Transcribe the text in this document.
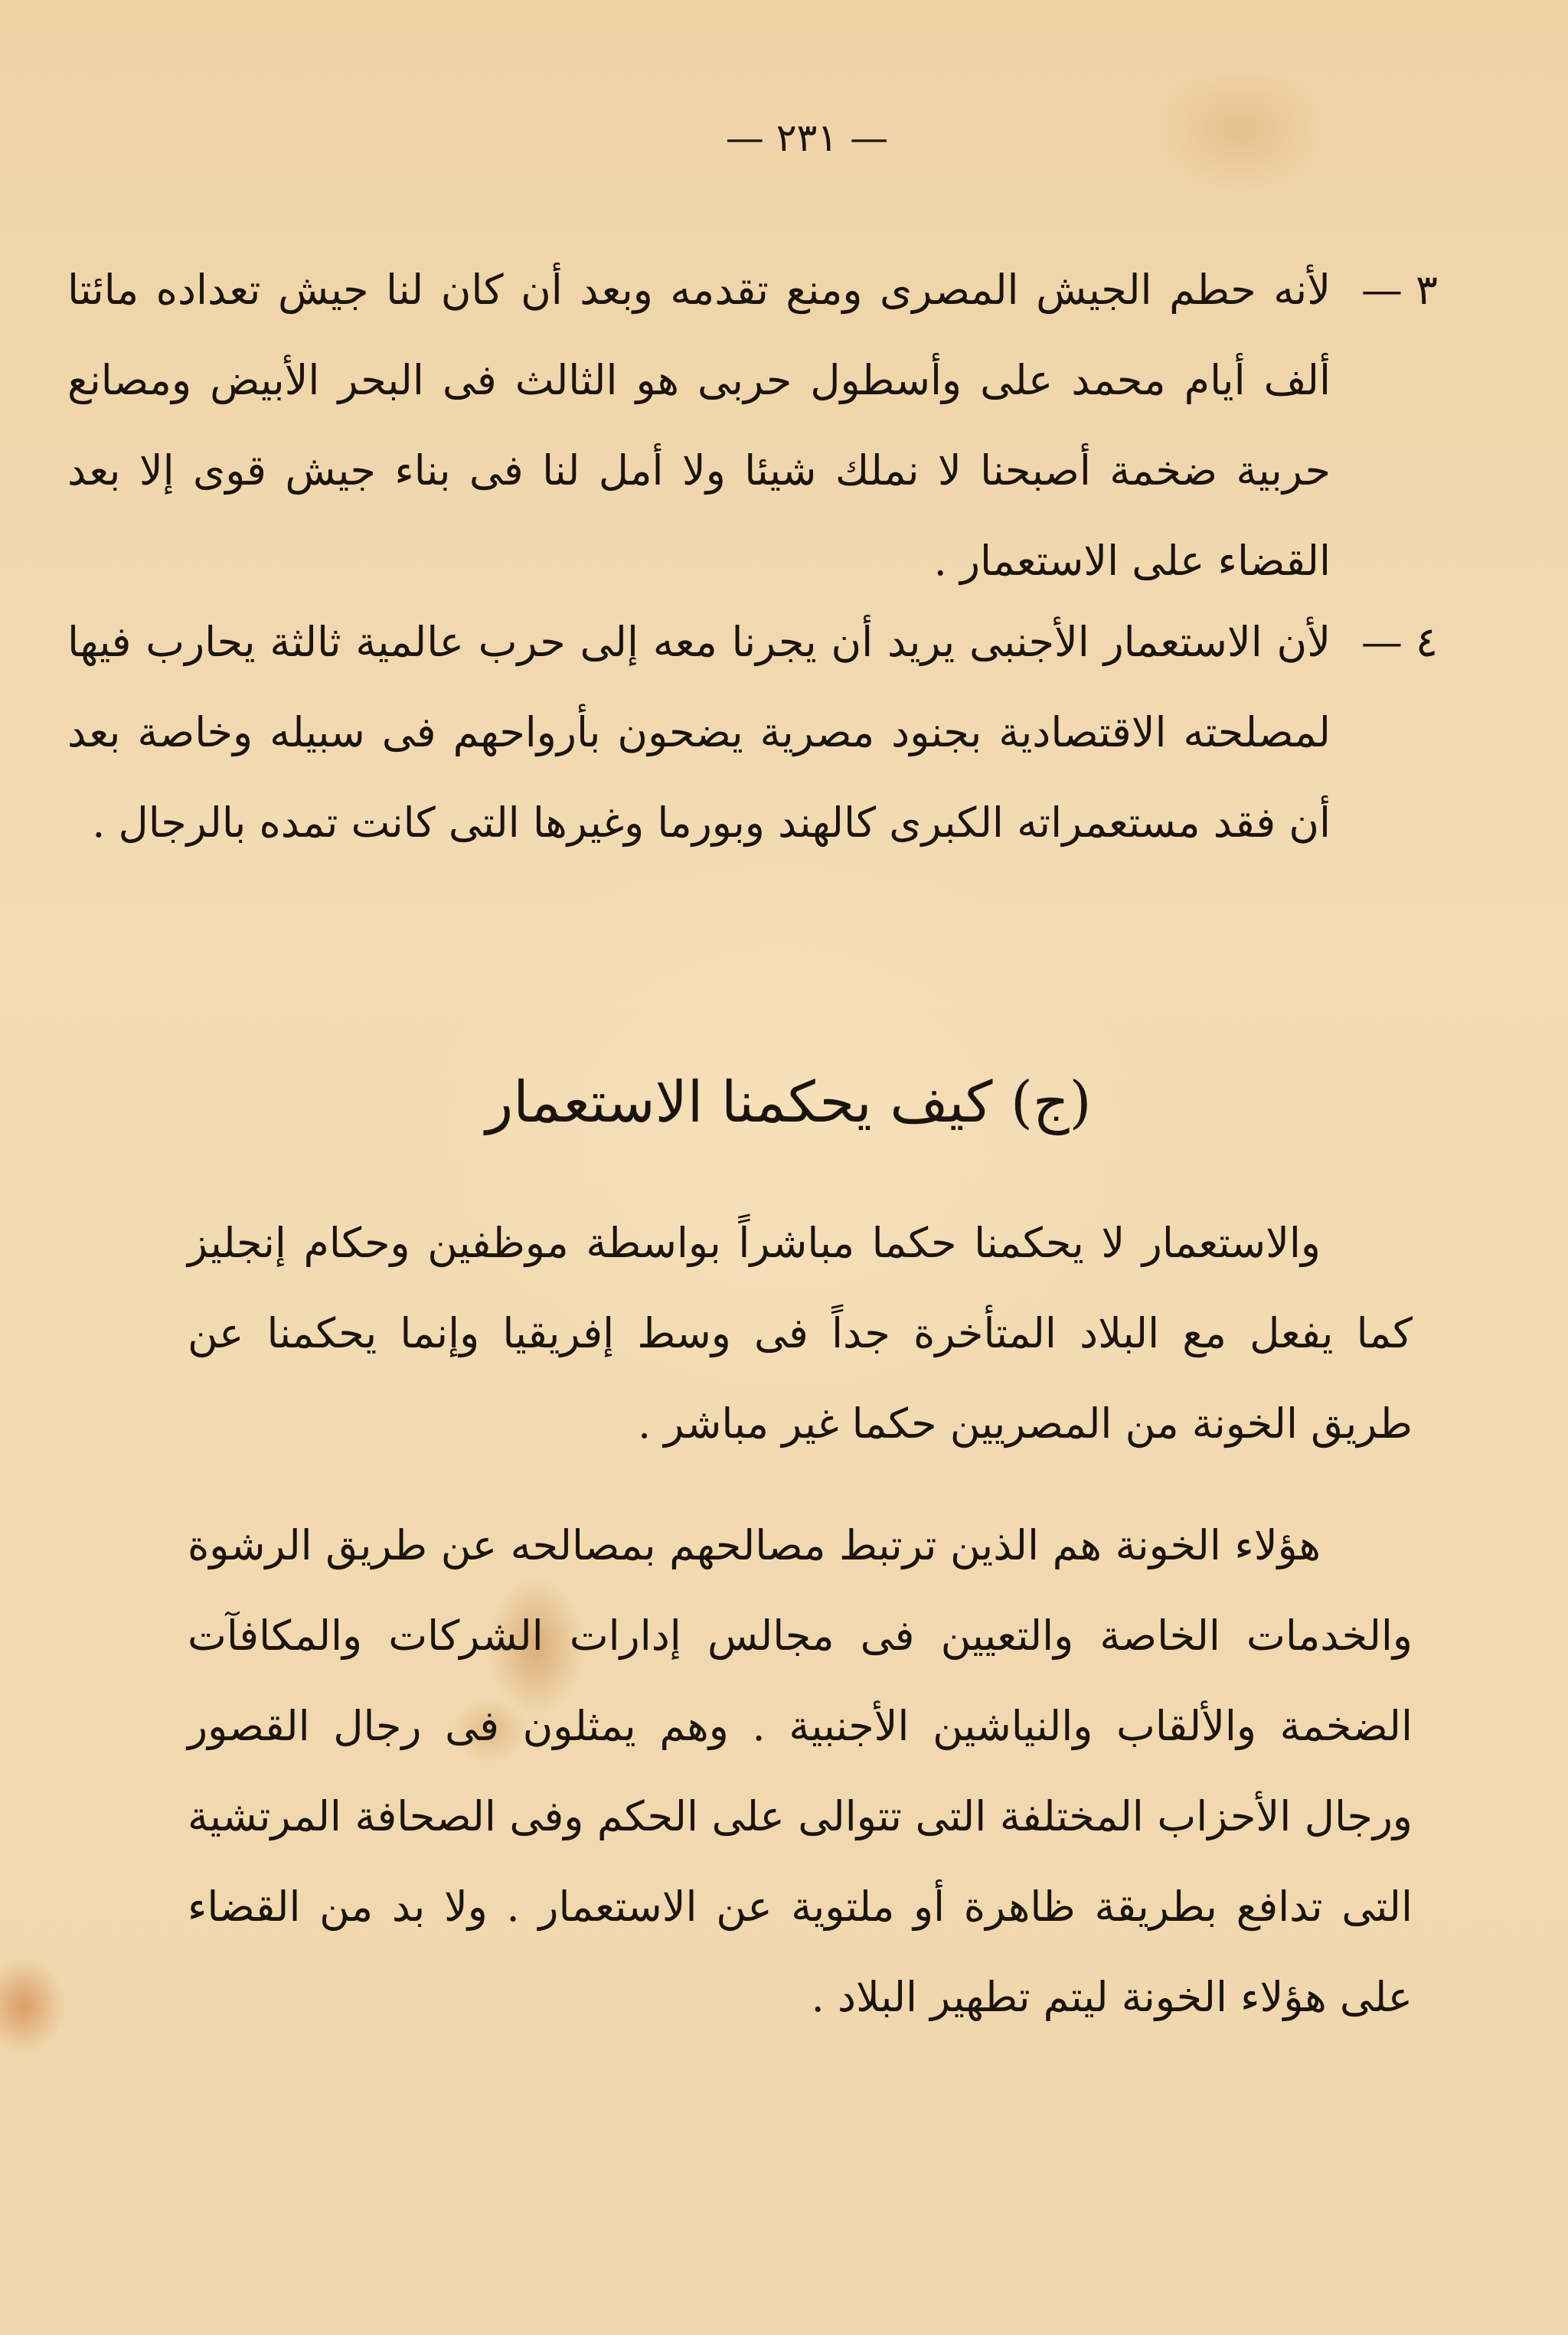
— ٢٣١ —
٣ —
لأنه حطم الجيش المصرى ومنع تقدمه وبعد أن كان لنا جيش تعداده مائتا ألف أيام محمد على وأسطول حربى هو الثالث فى البحر الأبيض ومصانع حربية ضخمة أصبحنا لا نملك شيئا ولا أمل لنا فى بناء جيش قوى إلا بعد القضاء على الاستعمار .
٤ —
لأن الاستعمار الأجنبى يريد أن يجرنا معه إلى حرب عالمية ثالثة يحارب فيها لمصلحته الاقتصادية بجنود مصرية يضحون بأرواحهم فى سبيله وخاصة بعد أن فقد مستعمراته الكبرى كالهند وبورما وغيرها التى كانت تمده بالرجال .
(ج) كيف يحكمنا الاستعمار
والاستعمار لا يحكمنا حكما مباشراً بواسطة موظفين وحكام إنجليز كما يفعل مع البلاد المتأخرة جداً فى وسط إفريقيا وإنما يحكمنا عن طريق الخونة من المصريين حكما غير مباشر .
هؤلاء الخونة هم الذين ترتبط مصالحهم بمصالحه عن طريق الرشوة والخدمات الخاصة والتعيين فى مجالس إدارات الشركات والمكافآت الضخمة والألقاب والنياشين الأجنبية . وهم يمثلون فى رجال القصور ورجال الأحزاب المختلفة التى تتوالى على الحكم وفى الصحافة المرتشية التى تدافع بطريقة ظاهرة أو ملتوية عن الاستعمار . ولا بد من القضاء على هؤلاء الخونة ليتم تطهير البلاد .
